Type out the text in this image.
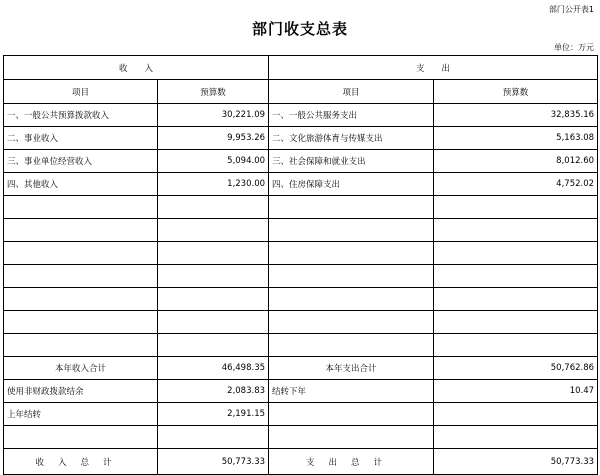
部门公开表1
部门收支总表
单位：万元
收　　入		支　　出	
项目	预算数	项目	预算数
一、一般公共预算拨款收入	30,221.09	一、一般公共服务支出	32,835.16
二、事业收入	9,953.26	二、文化旅游体育与传媒支出	5,163.08
三、事业单位经营收入	5,094.00	三、社会保障和就业支出	8,012.60
四、其他收入	1,230.00	四、住房保障支出	4,752.02

本年收入合计	46,498.35	本年支出合计	50,762.86
使用非财政拨款结余	2,083.83	结转下年	10.47
上年结转	2,191.15		

收入总计	50,773.33	支出总计	50,773.33
